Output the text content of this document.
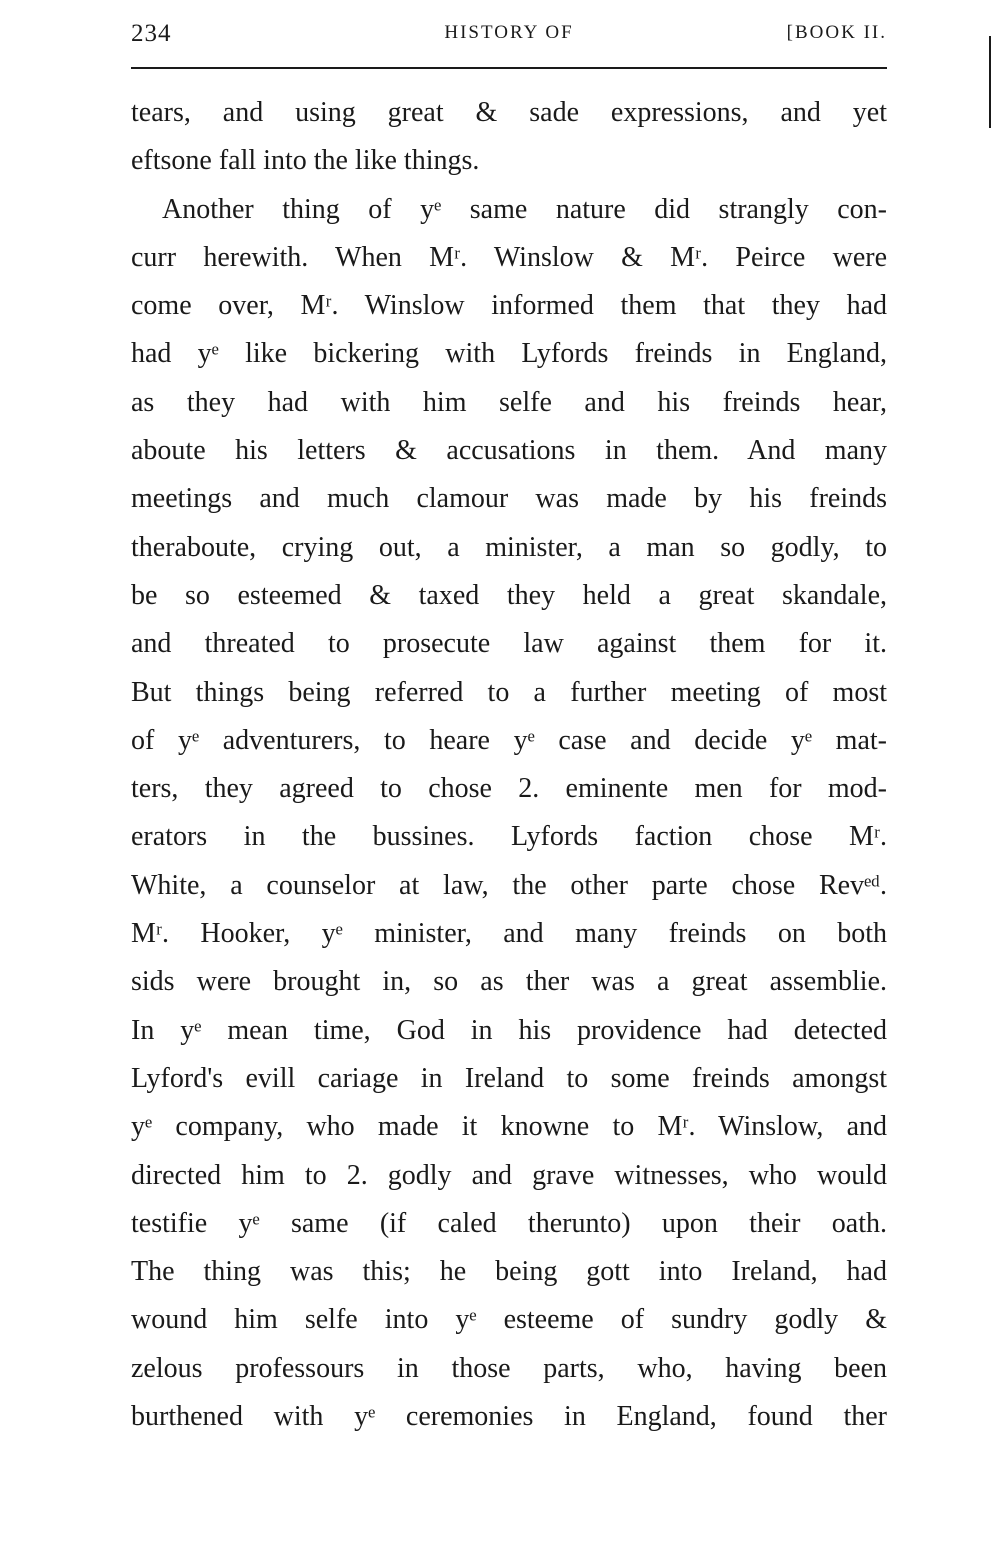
234	HISTORY OF	[BOOK II.
tears, and using great & sade expressions, and yet
eftsone fall into the like things.
Another thing of yᵉ same nature did strangly con-
curr herewith. When Mʳ. Winslow & Mʳ. Peirce were
come over, Mʳ. Winslow informed them that they had
had yᵉ like bickering with Lyfords freinds in England,
as they had with him selfe and his freinds hear,
aboute his letters & accusations in them. And many
meetings and much clamour was made by his freinds
theraboute, crying out, a minister, a man so godly, to
be so esteemed & taxed they held a great skandale,
and threated to prosecute law against them for it.
But things being referred to a further meeting of most
of yᵉ adventurers, to heare yᵉ case and decide yᵉ mat-
ters, they agreed to chose 2. eminente men for mod-
erators in the bussines. Lyfords faction chose Mʳ.
White, a counselor at law, the other parte chose Revᵉᵈ.
Mʳ. Hooker, yᵉ minister, and many freinds on both
sids were brought in, so as ther was a great assemblie.
In yᵉ mean time, God in his providence had detected
Lyford's evill cariage in Ireland to some freinds amongst
yᵉ company, who made it knowne to Mʳ. Winslow, and
directed him to 2. godly and grave witnesses, who would
testifie yᵉ same (if caled therunto) upon their oath.
The thing was this; he being gott into Ireland, had
wound him selfe into yᵉ esteeme of sundry godly &
zelous professours in those parts, who, having been
burthened with yᵉ ceremonies in England, found ther
